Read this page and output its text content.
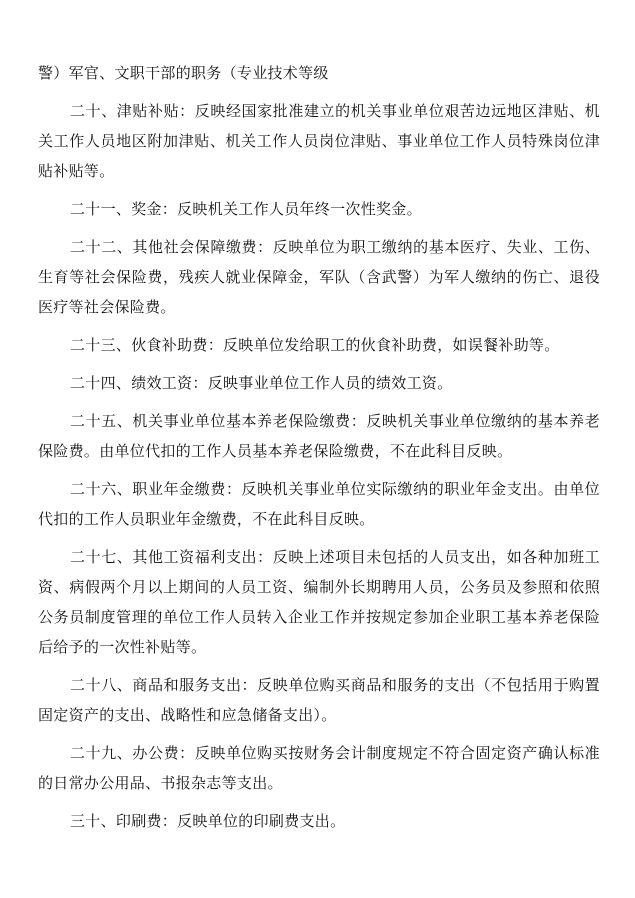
警）军官、文职干部的职务（专业技术等级

二十、津贴补贴：反映经国家批准建立的机关事业单位艰苦边远地区津贴、机关工作人员地区附加津贴、机关工作人员岗位津贴、事业单位工作人员特殊岗位津贴补贴等。

二十一、奖金：反映机关工作人员年终一次性奖金。

二十二、其他社会保障缴费：反映单位为职工缴纳的基本医疗、失业、工伤、生育等社会保险费，残疾人就业保障金，军队（含武警）为军人缴纳的伤亡、退役医疗等社会保险费。

二十三、伙食补助费：反映单位发给职工的伙食补助费，如误餐补助等。

二十四、绩效工资：反映事业单位工作人员的绩效工资。

二十五、机关事业单位基本养老保险缴费：反映机关事业单位缴纳的基本养老保险费。由单位代扣的工作人员基本养老保险缴费，不在此科目反映。

二十六、职业年金缴费：反映机关事业单位实际缴纳的职业年金支出。由单位代扣的工作人员职业年金缴费，不在此科目反映。

二十七、其他工资福利支出：反映上述项目未包括的人员支出，如各种加班工资、病假两个月以上期间的人员工资、编制外长期聘用人员，公务员及参照和依照公务员制度管理的单位工作人员转入企业工作并按规定参加企业职工基本养老保险后给予的一次性补贴等。

二十八、商品和服务支出：反映单位购买商品和服务的支出（不包括用于购置固定资产的支出、战略性和应急储备支出）。

二十九、办公费：反映单位购买按财务会计制度规定不符合固定资产确认标准的日常办公用品、书报杂志等支出。

三十、印刷费：反映单位的印刷费支出。
